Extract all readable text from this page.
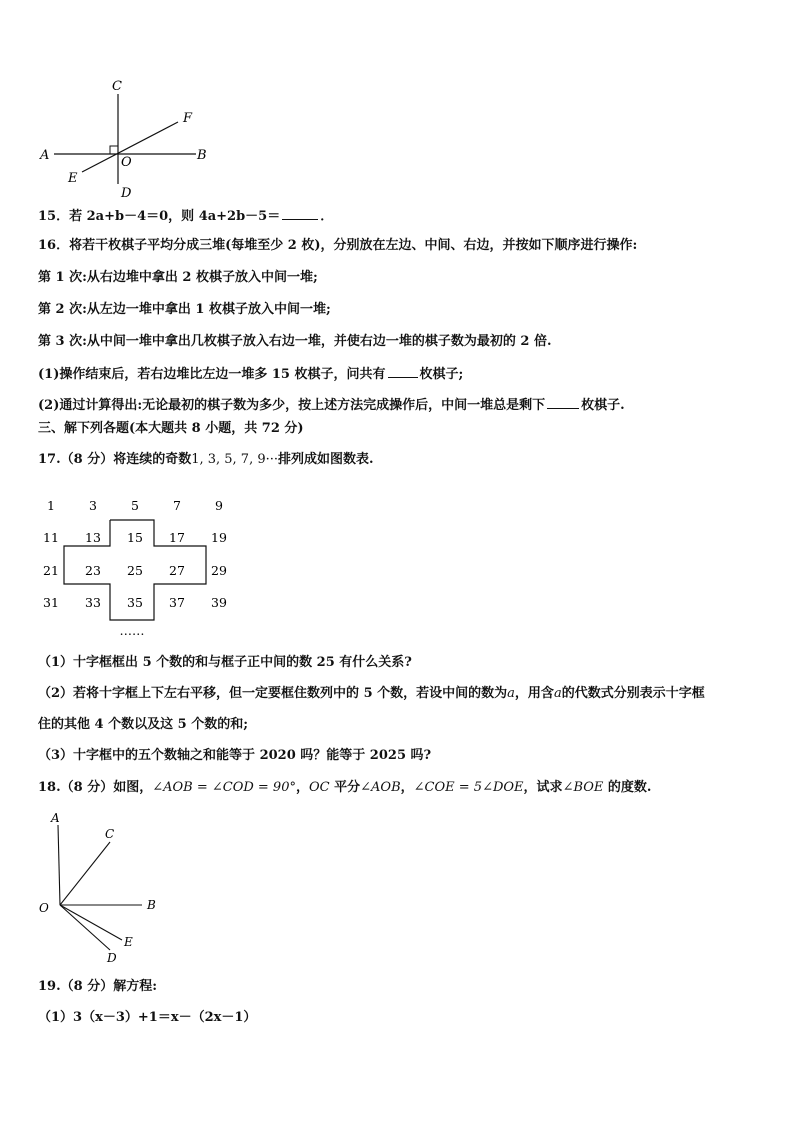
C
F
A	O	B
E
D
15．若 2a+b－4＝0，则 4a+2b－5＝	．
16．将若干枚棋子平均分成三堆(每堆至少 2 枚)，分别放在左边、中间、右边，并按如下顺序进行操作:
第 1 次:从右边堆中拿出 2 枚棋子放入中间一堆;
第 2 次:从左边一堆中拿出 1 枚棋子放入中间一堆;
第 3 次:从中间一堆中拿出几枚棋子放入右边一堆，并使右边一堆的棋子数为最初的 2 倍.
(1)操作结束后，若右边堆比左边一堆多 15 枚棋子，问共有	枚棋子;
(2)通过计算得出:无论最初的棋子数为多少，按上述方法完成操作后，中间一堆总是剩下	枚棋子.
三、解下列各题(本大题共 8 小题，共 72 分)
17.（8 分）将连续的奇数1, 3, 5, 7, 9···排列成如图数表.
1	3	5	7	9
11 13 15 17 19
21 23 25 27 29
31 33 35 37 39
……
（1）十字框框出 5 个数的和与框子正中间的数 25 有什么关系?
（2）若将十字框上下左右平移，但一定要框住数列中的 5 个数，若设中间的数为a，用含a的代数式分别表示十字框
住的其他 4 个数以及这 5 个数的和;
（3）十字框中的五个数轴之和能等于 2020 吗？能等于 2025 吗?
18.（8 分）如图，∠AOB = ∠COD = 90°，OC 平分∠AOB，∠COE = 5∠DOE，试求∠BOE 的度数.
A
C
O	B
E
D
19.（8 分）解方程:
（1）3（x－3）+1＝x－（2x－1）
